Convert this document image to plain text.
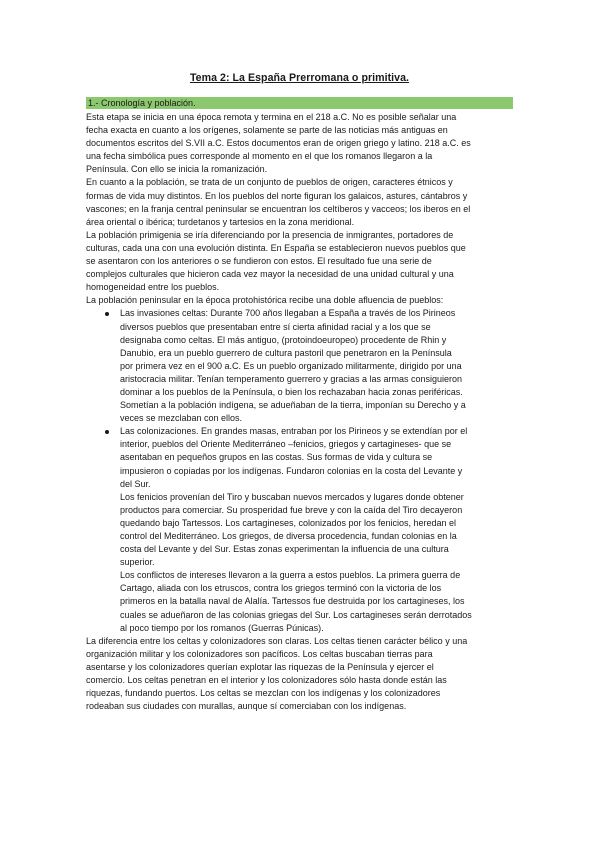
Tema 2: La España Prerromana o primitiva.
1.- Cronología y población.
Esta etapa se inicia en una época remota y termina en el 218 a.C. No es posible señalar una
fecha exacta en cuanto a los orígenes, solamente se parte de las noticias más antiguas en
documentos escritos del S.VII a.C. Estos documentos eran de origen griego y latino. 218 a.C. es
una fecha simbólica pues corresponde al momento en el que los romanos llegaron a la
Península. Con ello se inicia la romanización.
En cuanto a la población, se trata de un conjunto de pueblos de origen, caracteres étnicos y
formas de vida muy distintos. En los pueblos del norte figuran los galaicos, astures, cántabros y
vascones; en la franja central peninsular se encuentran los celtíberos y vacceos; los iberos en el
área oriental o ibérica; turdetanos y tartesios en la zona meridional.
La población primigenia se iría diferenciando por la presencia de inmigrantes, portadores de
culturas, cada una con una evolución distinta. En España se establecieron nuevos pueblos que
se asentaron con los anteriores o se fundieron con estos. El resultado fue una serie de
complejos culturales que hicieron cada vez mayor la necesidad de una unidad cultural y una
homogeneidad entre los pueblos.
La población peninsular en la época protohistórica recibe una doble afluencia de pueblos:
Las invasiones celtas: Durante 700 años llegaban a España a través de los Pirineos
diversos pueblos que presentaban entre sí cierta afinidad racial y a los que se
designaba como celtas. El más antiguo, (protoindoeuropeo) procedente de Rhin y
Danubio, era un pueblo guerrero de cultura pastoril que penetraron en la Península
por primera vez en el 900 a.C. Es un pueblo organizado militarmente, dirigido por una
aristocracia militar. Tenían temperamento guerrero y gracias a las armas consiguieron
dominar a los pueblos de la Península, o bien los rechazaban hacia zonas periféricas.
Sometían a la población indígena, se adueñaban de la tierra, imponían su Derecho y a
veces se mezclaban con ellos.
Las colonizaciones. En grandes masas, entraban por los Pirineos y se extendían por el
interior, pueblos del Oriente Mediterráneo –fenicios, griegos y cartagineses- que se
asentaban en pequeños grupos en las costas. Sus formas de vida y cultura se
impusieron o copiadas por los indígenas. Fundaron colonias en la costa del Levante y
del Sur.
Los fenicios provenían del Tiro y buscaban nuevos mercados y lugares donde obtener
productos para comerciar. Su prosperidad fue breve y con la caída del Tiro decayeron
quedando bajo Tartessos. Los cartagineses, colonizados por los fenicios, heredan el
control del Mediterráneo. Los griegos, de diversa procedencia, fundan colonias en la
costa del Levante y del Sur. Estas zonas experimentan la influencia de una cultura
superior.
Los conflictos de intereses llevaron a la guerra a estos pueblos. La primera guerra de
Cartago, aliada con los etruscos, contra los griegos terminó con la victoria de los
primeros en la batalla naval de Alalía. Tartessos fue destruida por los cartagineses, los
cuales se adueñaron de las colonias griegas del Sur. Los cartagineses serán derrotados
al poco tiempo por los romanos (Guerras Púnicas).
La diferencia entre los celtas y colonizadores son claras. Los celtas tienen carácter bélico y una
organización militar y los colonizadores son pacíficos. Los celtas buscaban tierras para
asentarse y los colonizadores querían explotar las riquezas de la Península y ejercer el
comercio. Los celtas penetran en el interior y los colonizadores sólo hasta donde están las
riquezas, fundando puertos. Los celtas se mezclan con los indígenas y los colonizadores
rodeaban sus ciudades con murallas, aunque sí comerciaban con los indígenas.
